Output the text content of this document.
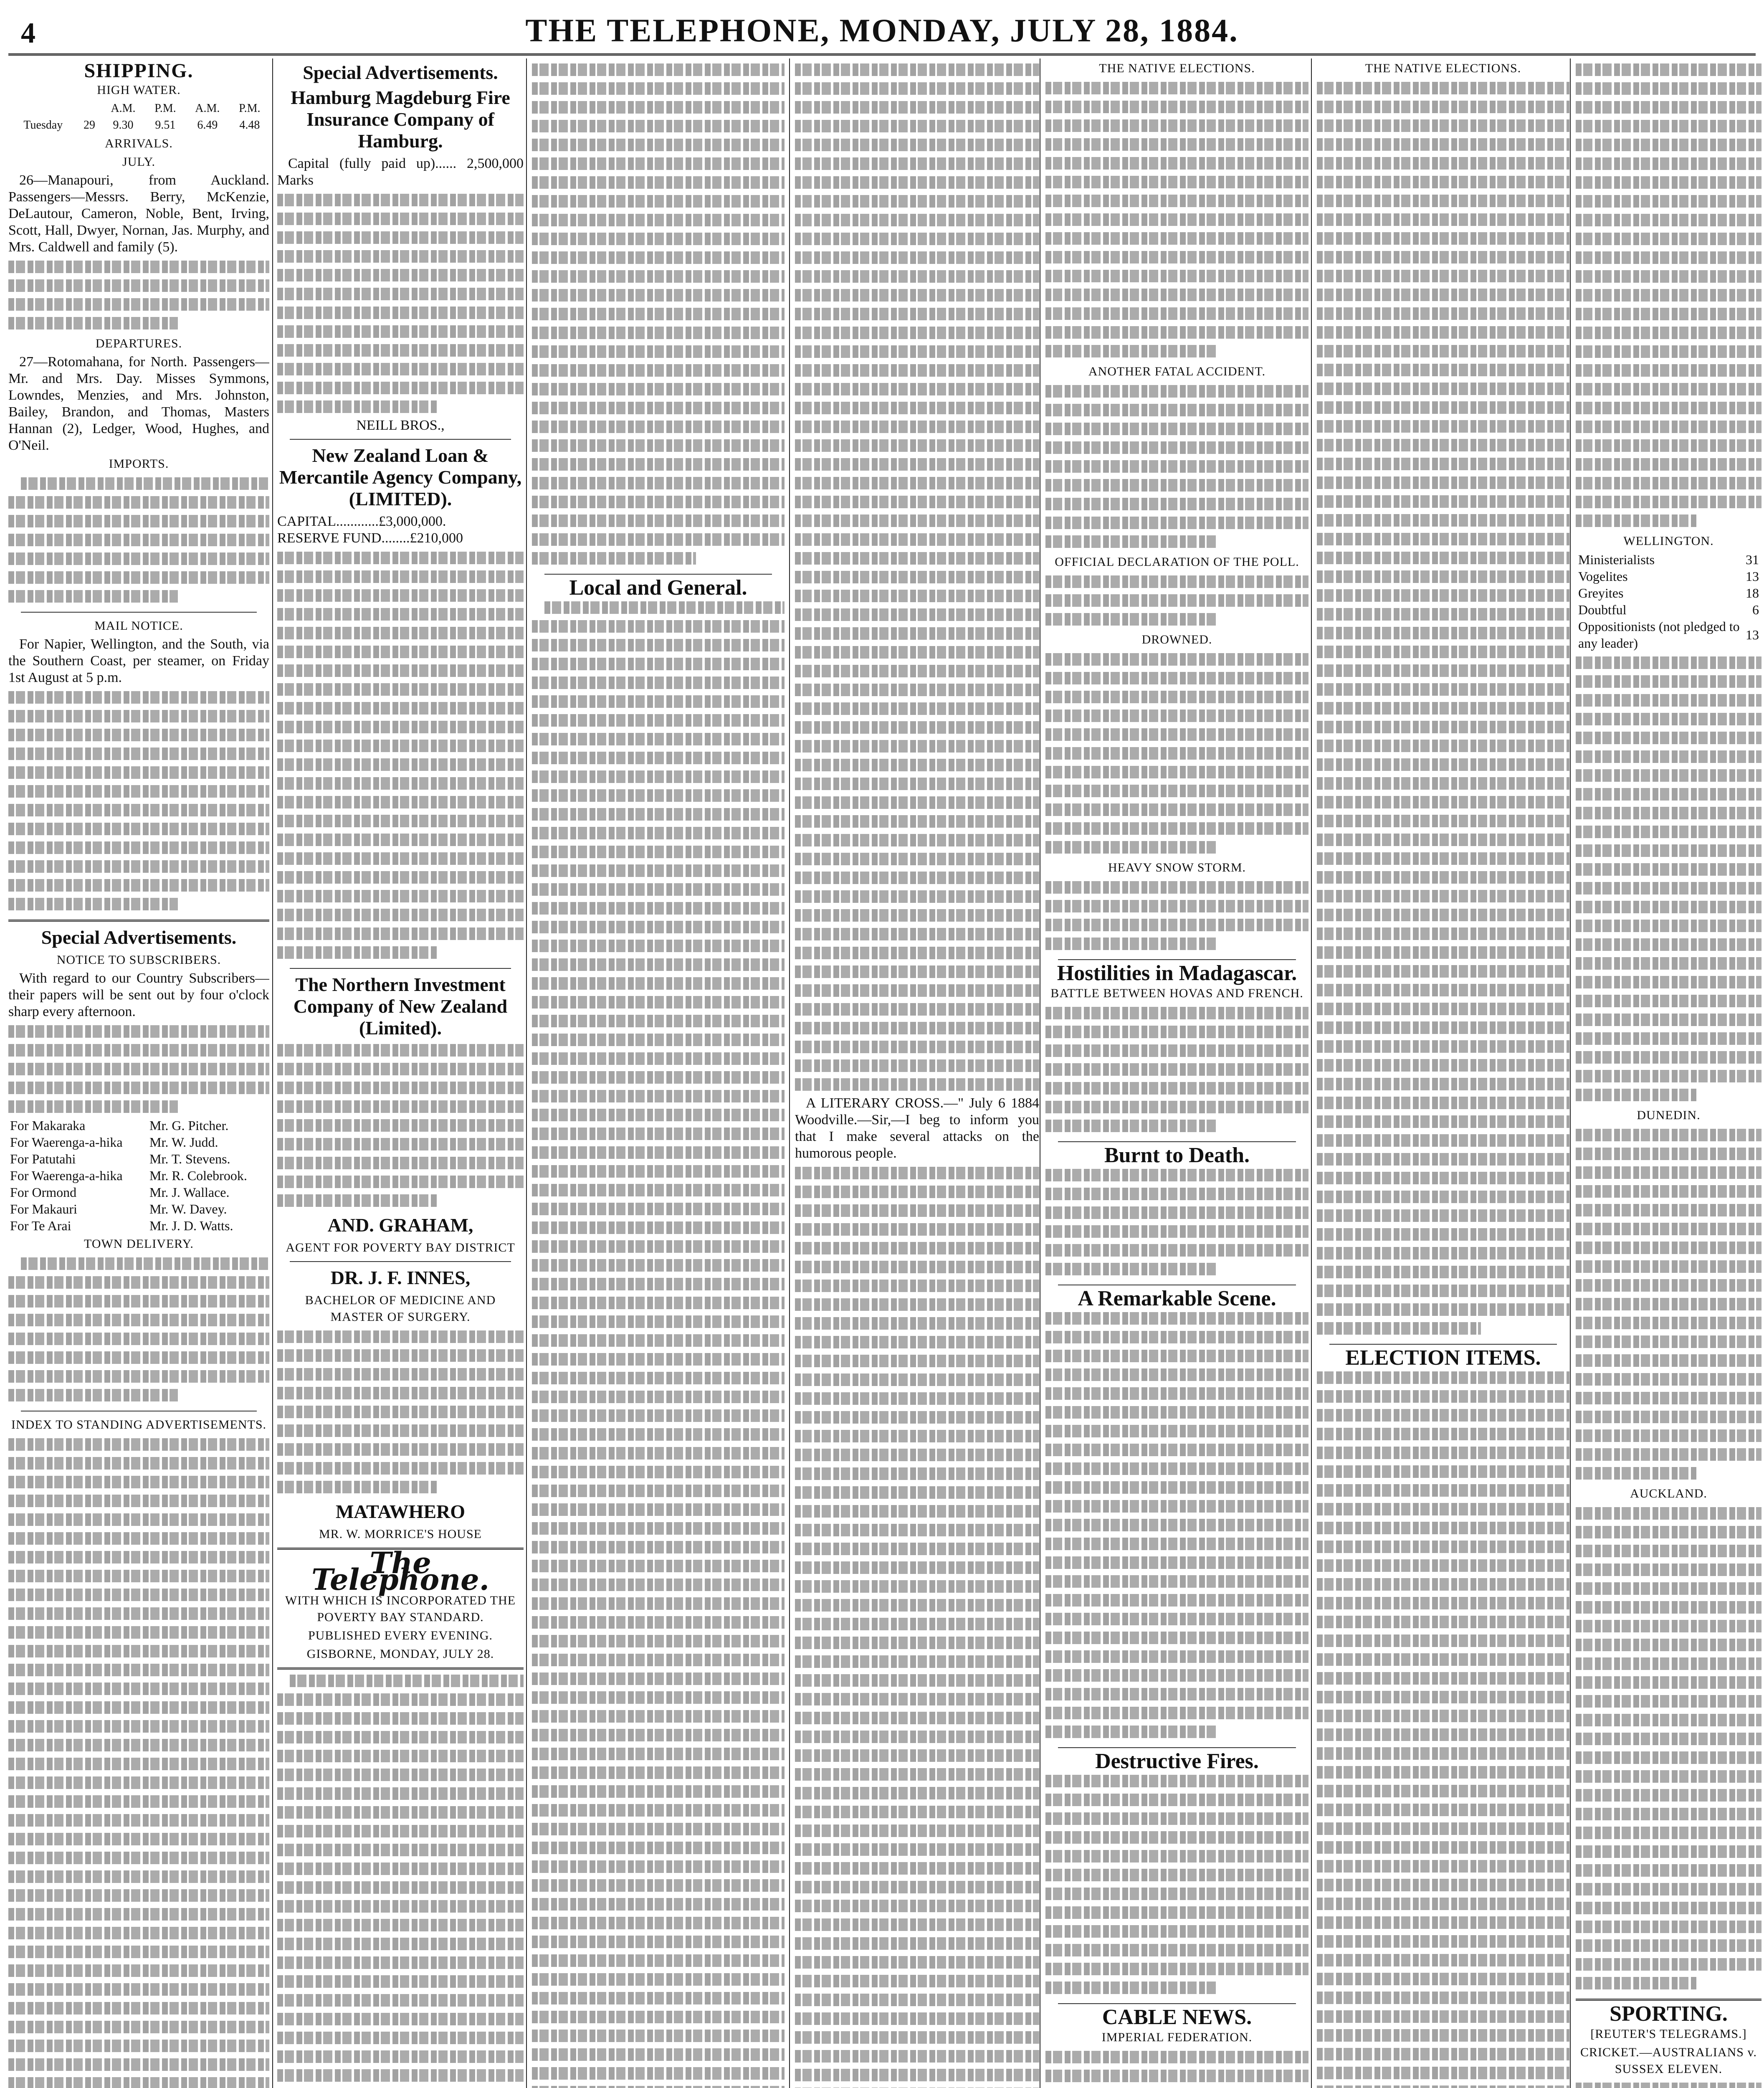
4	THE TELEPHONE, MONDAY, JULY 28, 1884.
SHIPPING.
HIGH WATER.
		A.M.	P.M.	A.M.	P.M.
Tuesday	29	9.30	9.51	6.49	4.48
ARRIVALS.
JULY.
26—Manapouri, from Auckland. Passengers—Messrs. Berry, McKenzie, DeLautour, Cameron, Noble, Bent, Irving, Scott, Hall, Dwyer, Nornan, Jas. Murphy, and Mrs. Caldwell and family (5).
DEPARTURES.
27—Rotomahana, for North. Passengers—Mr. and Mrs. Day. Misses Symmons, Lowndes, Menzies, and Mrs. Johnston, Bailey, Brandon, and Thomas, Masters Hannan (2), Ledger, Wood, Hughes, and O'Neil.
IMPORTS.
MAIL NOTICE.
For Napier, Wellington, and the South, via the Southern Coast, per steamer, on Friday 1st August at 5 p.m.
Special Advertisements.
NOTICE TO SUBSCRIBERS.
With regard to our Country Subscribers—their papers will be sent out by four o'clock sharp every afternoon.
For Makaraka	Mr. G. Pitcher.
For Waerenga-a-hika	Mr. W. Judd.
For Patutahi	Mr. T. Stevens.
For Waerenga-a-hika	Mr. R. Colebrook.
For Ormond	Mr. J. Wallace.
For Makauri	Mr. W. Davey.
For Te Arai	Mr. J. D. Watts.
TOWN DELIVERY.
INDEX TO STANDING ADVERTISEMENTS.
Special Advertisements.
Hamburg Magdeburg Fire Insurance Company of Hamburg.
Capital (fully paid up)...... 2,500,000 Marks
NEILL BROS.,
New Zealand Loan & Mercantile Agency Company, (LIMITED).
CAPITAL............£3,000,000.
RESERVE FUND........£210,000
The Northern Investment Company of New Zealand (Limited).
AND. GRAHAM,
AGENT FOR POVERTY BAY DISTRICT
DR. J. F. INNES,
BACHELOR OF MEDICINE AND MASTER OF SURGERY.
MATAWHERO
MR. W. MORRICE'S HOUSE
The Telephone.
WITH WHICH IS INCORPORATED THE POVERTY BAY STANDARD.
PUBLISHED EVERY EVENING.
GISBORNE, MONDAY, JULY 28.
Local and General.
A LITERARY CROSS.—" July 6 1884 Woodville.—Sir,—I beg to inform you that I make several attacks on the humorous people.
THE NATIVE ELECTIONS.
ANOTHER FATAL ACCIDENT.
OFFICIAL DECLARATION OF THE POLL.
DROWNED.
HEAVY SNOW STORM.
Hostilities in Madagascar.
BATTLE BETWEEN HOVAS AND FRENCH.
Burnt to Death.
A Remarkable Scene.
Destructive Fires.
CABLE NEWS.
IMPERIAL FEDERATION.
THE NATIVE ELECTIONS.
ELECTION ITEMS.
WELLINGTON.
Ministerialists	31
Vogelites	13
Greyites	18
Doubtful	6
Oppositionists (not pledged to any leader)	13
DUNEDIN.
AUCKLAND.
SPORTING.
[REUTER'S TELEGRAMS.]
CRICKET.—AUSTRALIANS v. SUSSEX ELEVEN.
